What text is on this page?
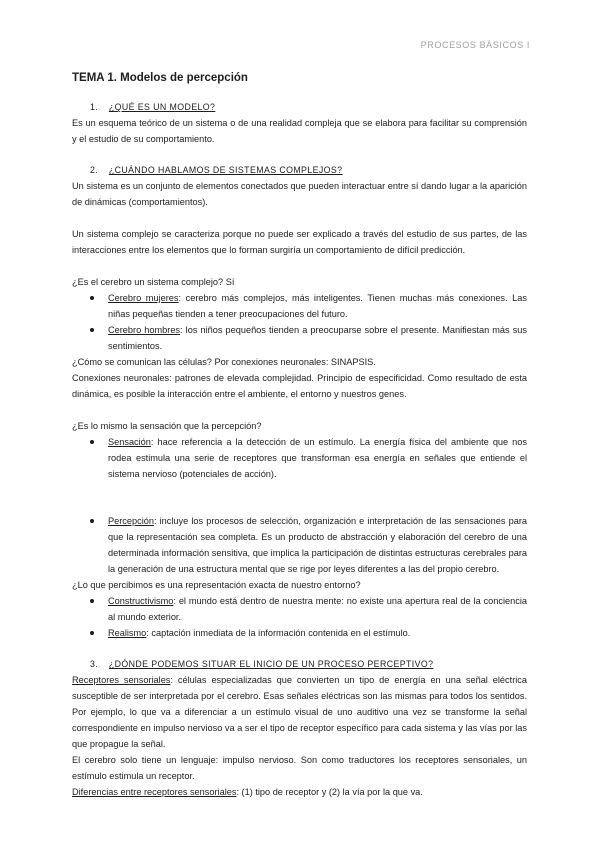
PROCESOS BÁSICOS I
TEMA 1. Modelos de percepción
1. ¿QUÉ ES UN MODELO?

Es un esquema teórico de un sistema o de una realidad compleja que se elabora para facilitar su comprensión y el estudio de su comportamiento.

2. ¿CUÁNDO HABLAMOS DE SISTEMAS COMPLEJOS?

Un sistema es un conjunto de elementos conectados que pueden interactuar entre sí dando lugar a la aparición de dinámicas (comportamientos).

Un sistema complejo se caracteriza porque no puede ser explicado a través del estudio de sus partes, de las interacciones entre los elementos que lo forman surgiría un comportamiento de difícil predicción.

¿Es el cerebro un sistema complejo? Sí

Cerebro mujeres: cerebro más complejos, más inteligentes. Tienen muchas más conexiones. Las niñas pequeñas tienden a tener preocupaciones del futuro.
Cerebro hombres: los niños pequeños tienden a preocuparse sobre el presente. Manifiestan más sus sentimientos.

¿Cómo se comunican las células? Por conexiones neuronales: SINAPSIS.

Conexiones neuronales: patrones de elevada complejidad. Principio de especificidad. Como resultado de esta dinámica, es posible la interacción entre el ambiente, el entorno y nuestros genes.

¿Es lo mismo la sensación que la percepción?

Sensación: hace referencia a la detección de un estímulo. La energía física del ambiente que nos rodea estimula una serie de receptores que transforman esa energía en señales que entiende el sistema nervioso (potenciales de acción).
Percepción: incluye los procesos de selección, organización e interpretación de las sensaciones para que la representación sea completa. Es un producto de abstracción y elaboración del cerebro de una determinada información sensitiva, que implica la participación de distintas estructuras cerebrales para la generación de una estructura mental que se rige por leyes diferentes a las del propio cerebro.

¿Lo que percibimos es una representación exacta de nuestro entorno?

Constructivismo: el mundo está dentro de nuestra mente: no existe una apertura real de la conciencia al mundo exterior.
Realismo: captación inmediata de la información contenida en el estímulo.
3. ¿DÓNDE PODEMOS SITUAR EL INICIO DE UN PROCESO PERCEPTIVO?

Receptores sensoriales: células especializadas que convierten un tipo de energía en una señal eléctrica susceptible de ser interpretada por el cerebro. Esas señales eléctricas son las mismas para todos los sentidos. Por ejemplo, lo que va a diferenciar a un estímulo visual de uno auditivo una vez se transforme la señal correspondiente en impulso nervioso va a ser el tipo de receptor específico para cada sistema y las vías por las que propague la señal.

El cerebro solo tiene un lenguaje: impulso nervioso. Son como traductores los receptores sensoriales, un estímulo estimula un receptor.

Diferencias entre receptores sensoriales: (1) tipo de receptor y (2) la vía por la que va.
